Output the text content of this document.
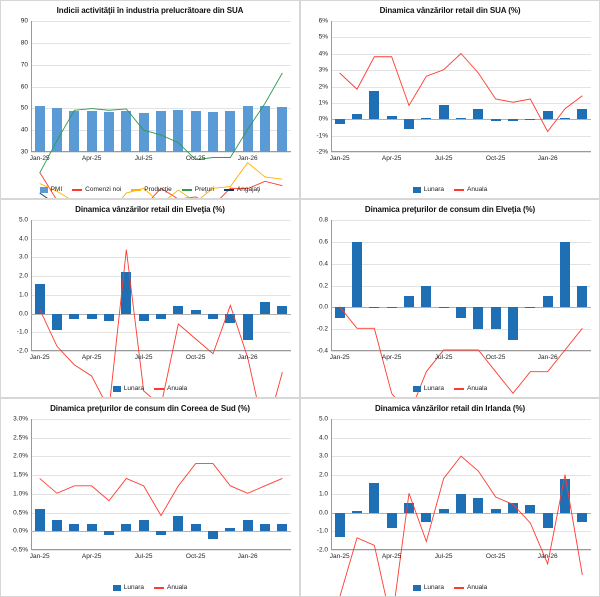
Indicii activităţii în industria prelucrătoare din SUA
30
40
50
60
70
80
90
Jan-25	Apr-25	Jul-25	Oct-25	Jan-26
PMI	Comenzi noi	Producţie	Preţuri	Angajaţi
Dinamica vânzărilor retail din SUA (%)
-2%
-1%
0%
1%
2%
3%
4%
5%
6%
Jan-25	Apr-25	Jul-25	Oct-25	Jan-26
Lunara	Anuala
Dinamica vânzărilor retail din Elveţia (%)
-2.0
-1.0
0.0
1.0
2.0
3.0
4.0
5.0
Jan-25	Apr-25	Jul-25	Oct-25	Jan-26
Lunara	Anuala
Dinamica preţurilor de consum din Elveţia (%)
-0.4
-0.2
0.0
0.2
0.4
0.6
0.8
Jan-25	Apr-25	Jul-25	Oct-25	Jan-26
Lunara	Anuala
Dinamica preţurilor de consum din Coreea de Sud (%)
-0.5%
0.0%
0.5%
1.0%
1.5%
2.0%
2.5%
3.0%
Jan-25	Apr-25	Jul-25	Oct-25	Jan-26
Lunara	Anuala
Dinamica vânzărilor retail din Irlanda (%)
-2.0
-1.0
0.0
1.0
2.0
3.0
4.0
5.0
Jan-25	Apr-25	Jul-25	Oct-25	Jan-26
Lunara	Anuala
